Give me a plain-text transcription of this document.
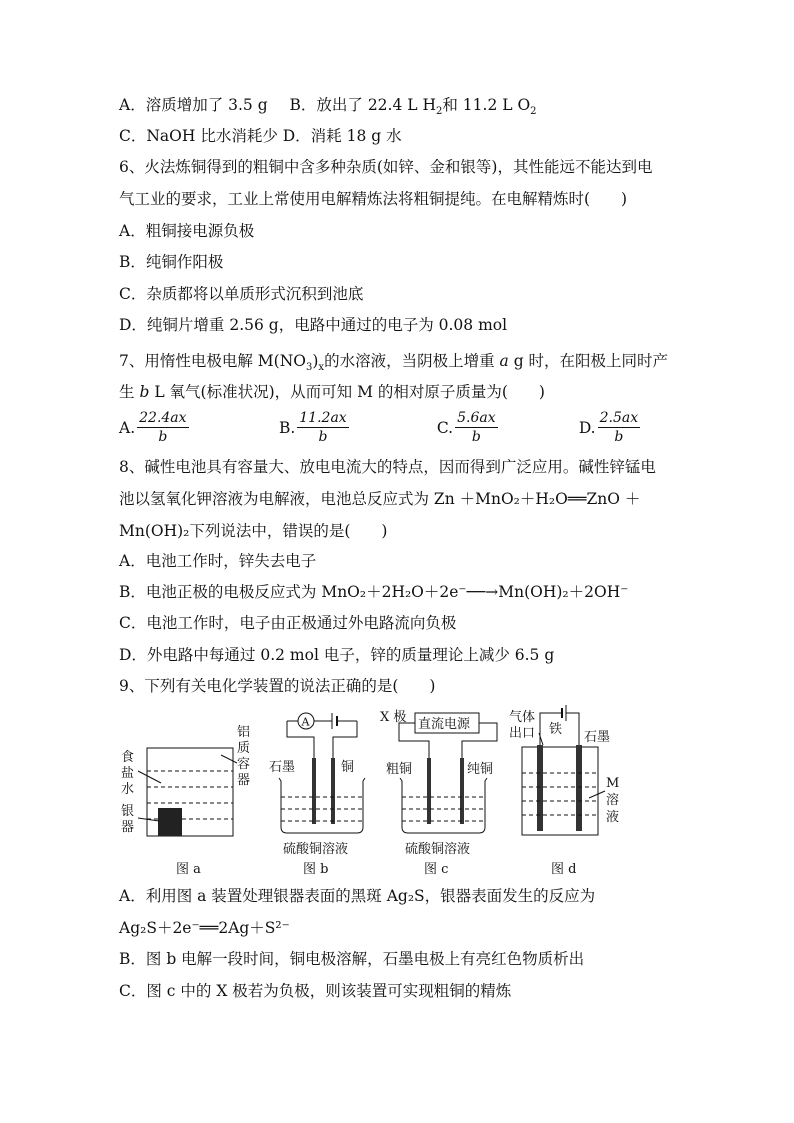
A．溶质增加了 3.5 g B．放出了 22.4 L $H_2$和 11.2 L $O_2$
C．NaOH 比水消耗少 D．消耗 18 g 水
6、火法炼铜得到的粗铜中含多种杂质(如锌、金和银等)，其性能远不能达到电
气工业的要求，工业上常使用电解精炼法将粗铜提纯。在电解精炼时(　　)
A．粗铜接电源负极
B．纯铜作阳极
C．杂质都将以单质形式沉积到池底
D．纯铜片增重 2.56 g，电路中通过的电子为 0.08 mol
7、用惰性电极电解 $M(NO_3)_x$的水溶液，当阴极上增重 a g 时，在阳极上同时产
生 b L 氧气(标准状况)，从而可知 M 的相对原子质量为(　　)
A. $\frac{22.4ax}{b}$	B. $\frac{11.2ax}{b}$	C. $\frac{5.6ax}{b}$	D. $\frac{2.5ax}{b}$
8、碱性电池具有容量大、放电电流大的特点，因而得到广泛应用。碱性锌锰电
池以氢氧化钾溶液为电解液，电池总反应式为 Zn ＋MnO₂＋H₂O══ZnO ＋
Mn(OH)₂下列说法中，错误的是(　　)
A．电池工作时，锌失去电子
B．电池正极的电极反应式为 MnO₂＋2H₂O＋2e⁻──→Mn(OH)₂＋2OH⁻
C．电池工作时，电子由正极通过外电路流向负极
D．外电路中每通过 0.2 mol 电子，锌的质量理论上减少 6.5 g
9、下列有关电化学装置的说法正确的是(　　)
食
盐
水
银
器
铝
质
容
器
图 a
A
石墨	铜
硫酸铜溶液
图 b
X 极 直流电源
粗铜	纯铜
硫酸铜溶液
图 c
气体
出口 铁
石墨
M
溶
液
图 d
A．利用图 a 装置处理银器表面的黑斑 Ag₂S，银器表面发生的反应为
Ag₂S＋2e⁻══2Ag＋S²⁻
B．图 b 电解一段时间，铜电极溶解，石墨电极上有亮红色物质析出
C．图 c 中的 X 极若为负极，则该装置可实现粗铜的精炼
